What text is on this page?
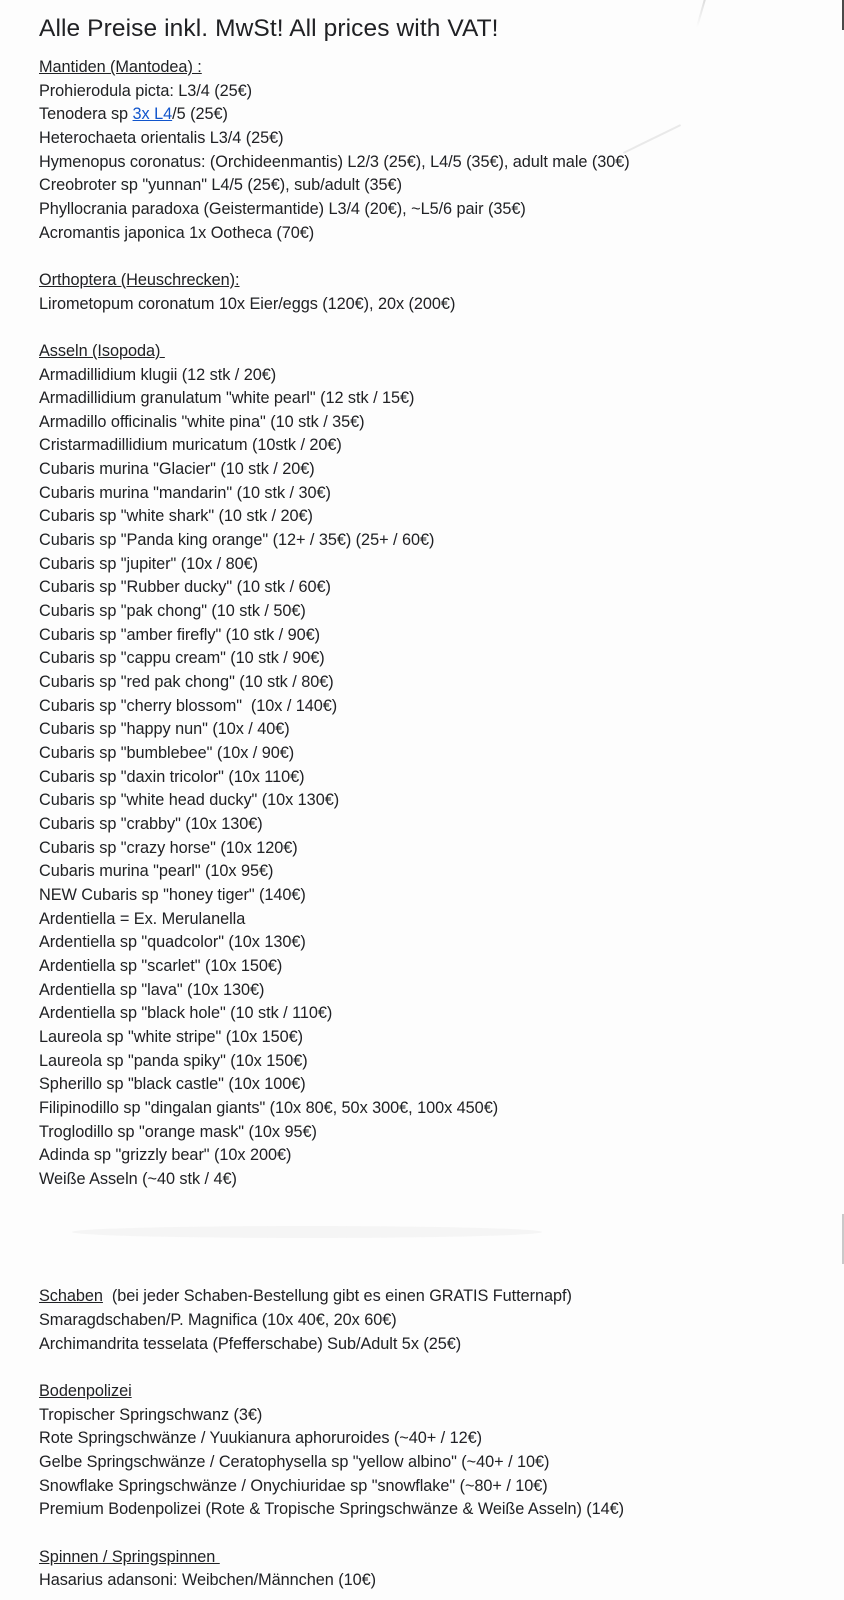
Alle Preise inkl. MwSt! All prices with VAT!
Mantiden (Mantodea) :
Prohierodula picta: L3/4 (25€)
Tenodera sp 3x L4/5 (25€)
Heterochaeta orientalis L3/4 (25€)
Hymenopus coronatus: (Orchideenmantis) L2/3 (25€), L4/5 (35€), adult male (30€)
Creobroter sp "yunnan" L4/5 (25€), sub/adult (35€)
Phyllocrania paradoxa (Geistermantide) L3/4 (20€), ~L5/6 pair (35€)
Acromantis japonica 1x Ootheca (70€)
Orthoptera (Heuschrecken):
Lirometopum coronatum 10x Eier/eggs (120€), 20x (200€)
Asseln (Isopoda)
Armadillidium klugii (12 stk / 20€)
Armadillidium granulatum "white pearl" (12 stk / 15€)
Armadillo officinalis "white pina" (10 stk / 35€)
Cristarmadillidium muricatum (10stk / 20€)
Cubaris murina "Glacier" (10 stk / 20€)
Cubaris murina "mandarin" (10 stk / 30€)
Cubaris sp "white shark" (10 stk / 20€)
Cubaris sp "Panda king orange" (12+ / 35€) (25+ / 60€)
Cubaris sp "jupiter" (10x / 80€)
Cubaris sp "Rubber ducky" (10 stk / 60€)
Cubaris sp "pak chong" (10 stk / 50€)
Cubaris sp "amber firefly" (10 stk / 90€)
Cubaris sp "cappu cream" (10 stk / 90€)
Cubaris sp "red pak chong" (10 stk / 80€)
Cubaris sp "cherry blossom"  (10x / 140€)
Cubaris sp "happy nun" (10x / 40€)
Cubaris sp "bumblebee" (10x / 90€)
Cubaris sp "daxin tricolor" (10x 110€)
Cubaris sp "white head ducky" (10x 130€)
Cubaris sp "crabby" (10x 130€)
Cubaris sp "crazy horse" (10x 120€)
Cubaris murina "pearl" (10x 95€)
NEW Cubaris sp "honey tiger" (140€)
Ardentiella = Ex. Merulanella
Ardentiella sp "quadcolor" (10x 130€)
Ardentiella sp "scarlet" (10x 150€)
Ardentiella sp "lava" (10x 130€)
Ardentiella sp "black hole" (10 stk / 110€)
Laureola sp "white stripe" (10x 150€)
Laureola sp "panda spiky" (10x 150€)
Spherillo sp "black castle" (10x 100€)
Filipinodillo sp "dingalan giants" (10x 80€, 50x 300€, 100x 450€)
Troglodillo sp "orange mask" (10x 95€)
Adinda sp "grizzly bear" (10x 200€)
Weiße Asseln (~40 stk / 4€)
Schaben  (bei jeder Schaben-Bestellung gibt es einen GRATIS Futternapf)
Smaragdschaben/P. Magnifica (10x 40€, 20x 60€)
Archimandrita tesselata (Pfefferschabe) Sub/Adult 5x (25€)
Bodenpolizei
Tropischer Springschwanz (3€)
Rote Springschwänze / Yuukianura aphoruroides (~40+ / 12€)
Gelbe Springschwänze / Ceratophysella sp "yellow albino" (~40+ / 10€)
Snowflake Springschwänze / Onychiuridae sp "snowflake" (~80+ / 10€)
Premium Bodenpolizei (Rote & Tropische Springschwänze & Weiße Asseln) (14€)
Spinnen / Springspinnen
Hasarius adansoni: Weibchen/Männchen (10€)
